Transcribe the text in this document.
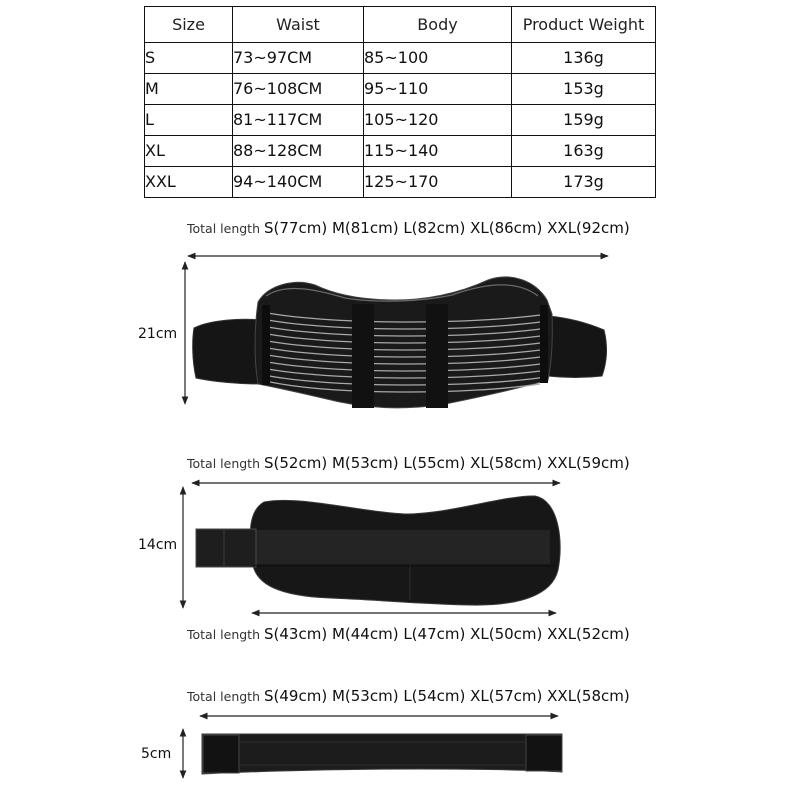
Size	Waist	Body	Product Weight
S	73~97CM	85~100	136g
M	76~108CM	95~110	153g
L	81~117CM	105~120	159g
XL	88~128CM	115~140	163g
XXL	94~140CM	125~170	173g
Total length S(77cm) M(81cm) L(82cm) XL(86cm) XXL(92cm)
21cm
Total length S(52cm) M(53cm) L(55cm) XL(58cm) XXL(59cm)
14cm
Total length S(43cm) M(44cm) L(47cm) XL(50cm) XXL(52cm)
Total length S(49cm) M(53cm) L(54cm) XL(57cm) XXL(58cm)
5cm
